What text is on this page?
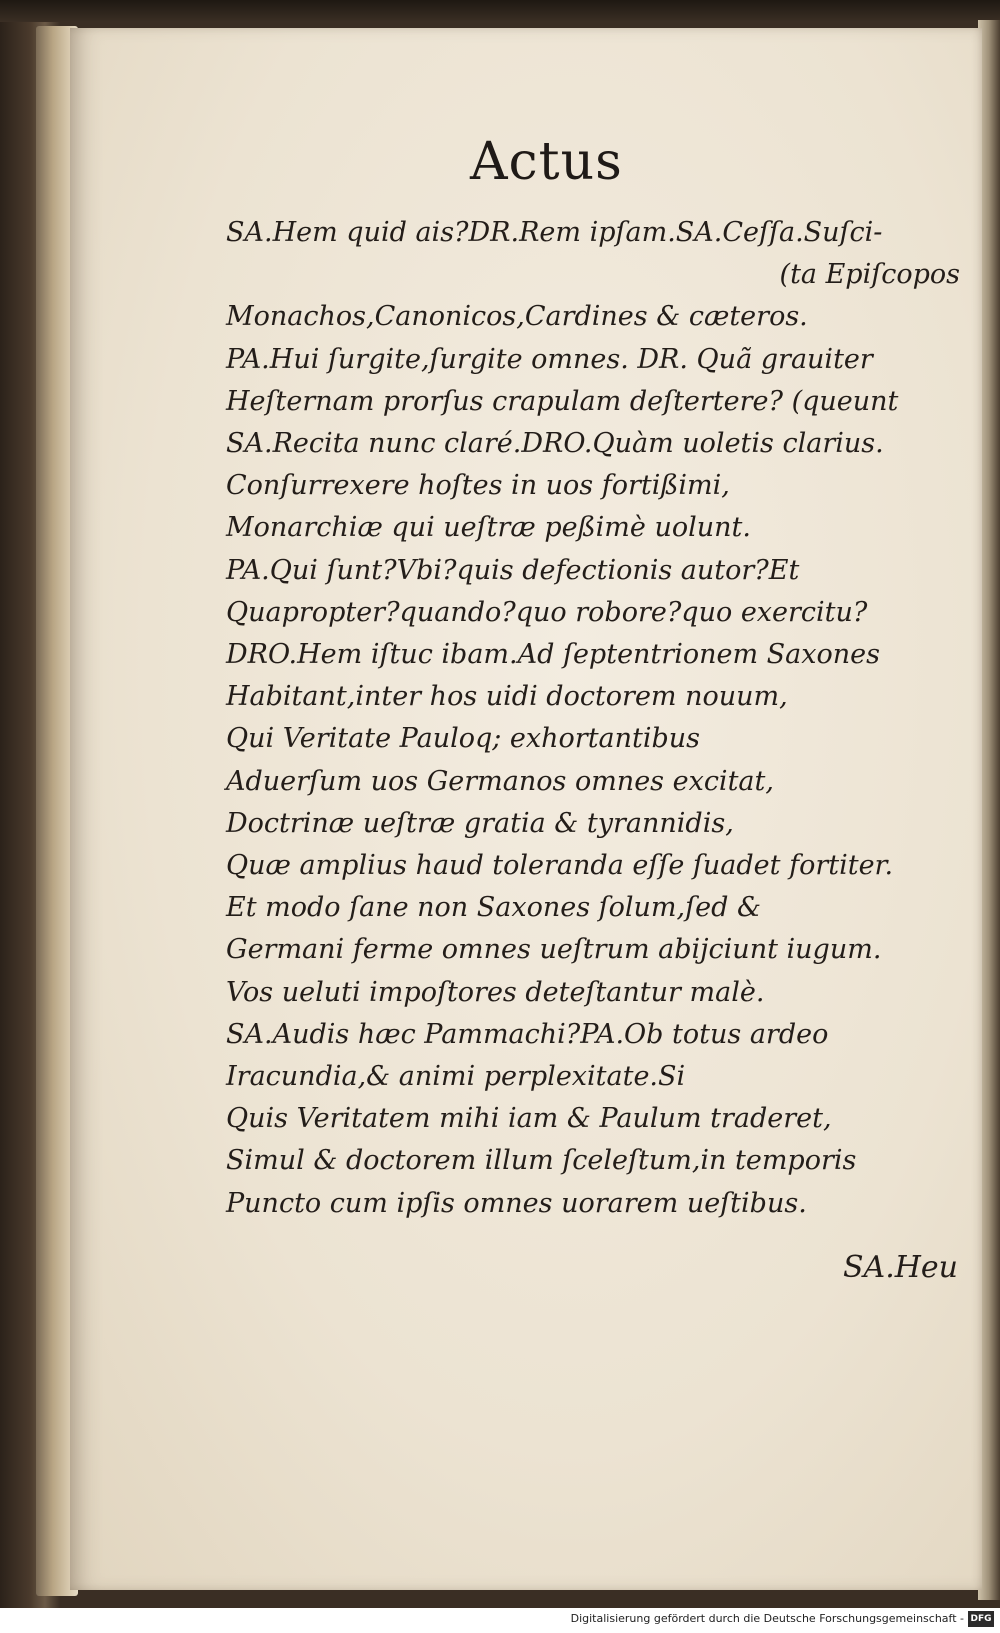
Actus
SA.Hem quid ais?DR.Rem ipſam.SA.Ceſſa.Suſci-
(ta Epiſcopos
Monachos,Canonicos,Cardines & cæteros.
PA.Hui ſurgite,ſurgite omnes. DR. Quã grauiter
Heſternam prorſus crapulam deſtertere? (queunt
SA.Recita nunc claré.DRO.Quàm uoletis clarius.
Conſurrexere hoſtes in uos fortißimi,
Monarchiæ qui ueſtræ peßimè uolunt.
PA.Qui ſunt?Vbi?quis defectionis autor?Et
Quapropter?quando?quo robore?quo exercitu?
DRO.Hem iſtuc ibam.Ad ſeptentrionem Saxones
Habitant,inter hos uidi doctorem nouum,
Qui Veritate Pauloq; exhortantibus
Aduerſum uos Germanos omnes excitat,
Doctrinæ ueſtræ gratia & tyrannidis,
Quæ amplius haud toleranda eſſe ſuadet fortiter.
Et modo ſane non Saxones ſolum,ſed &
Germani ferme omnes ueſtrum abijciunt iugum.
Vos ueluti impoſtores deteſtantur malè.
SA.Audis hæc Pammachi?PA.Ob totus ardeo
Iracundia,& animi perplexitate.Si
Quis Veritatem mihi iam & Paulum traderet,
Simul & doctorem illum ſceleſtum,in temporis
Puncto cum ipſis omnes uorarem ueſtibus.
SA.Heu
Digitalisierung gefördert durch die Deutsche Forschungsgemeinschaft - DFG
